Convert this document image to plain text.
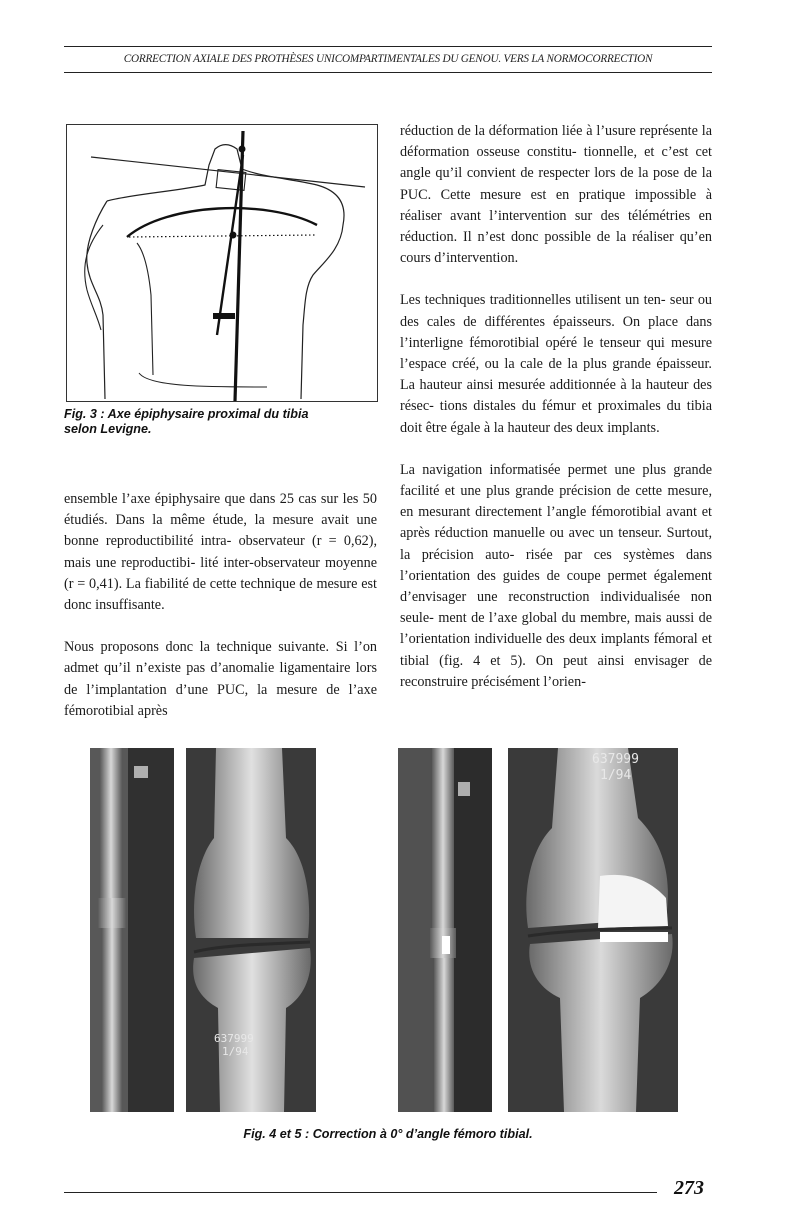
CORRECTION AXIALE DES PROTHÈSES UNICOMPARTIMENTALES DU GENOU. VERS LA NORMOCORRECTION
Fig. 3 : Axe épiphysaire proximal du tibia
selon Levigne.

ensemble l’axe épiphysaire que dans 25 cas sur les 50 étudiés. Dans la même étude, la mesure avait une bonne reproductibilité intra- observateur (r = 0,62), mais une reproductibi- lité inter-observateur moyenne (r = 0,41). La fiabilité de cette technique de mesure est donc insuffisante.

Nous proposons donc la technique suivante. Si l’on admet qu’il n’existe pas d’anomalie ligamentaire lors de l’implantation d’une PUC, la mesure de l’axe fémorotibial après

réduction de la déformation liée à l’usure représente la déformation osseuse constitu- tionnelle, et c’est cet angle qu’il convient de respecter lors de la pose de la PUC. Cette mesure est en pratique impossible à réaliser avant l’intervention sur des télémétries en réduction. Il n’est donc possible de la réaliser qu’en cours d’intervention.

Les techniques traditionnelles utilisent un ten- seur ou des cales de différentes épaisseurs. On place dans l’interligne fémorotibial opéré le tenseur qui mesure l’espace créé, ou la cale de la plus grande épaisseur. La hauteur ainsi mesurée additionnée à la hauteur des résec- tions distales du fémur et proximales du tibia doit être égale à la hauteur des deux implants.

La navigation informatisée permet une plus grande facilité et une plus grande précision de cette mesure, en mesurant directement l’angle fémorotibial avant et après réduction manuelle ou avec un tenseur. Surtout, la précision auto- risée par ces systèmes dans l’orientation des guides de coupe permet également d’envisager une reconstruction individualisée non seule- ment de l’axe global du membre, mais aussi de l’orientation individuelle des deux implants fémoral et tibial (fig. 4 et 5). On peut ainsi envisager de reconstruire précisément l’orien-

637999
1/94
637999
1/94
Fig. 4 et 5 : Correction à 0° d’angle fémoro tibial.
273
